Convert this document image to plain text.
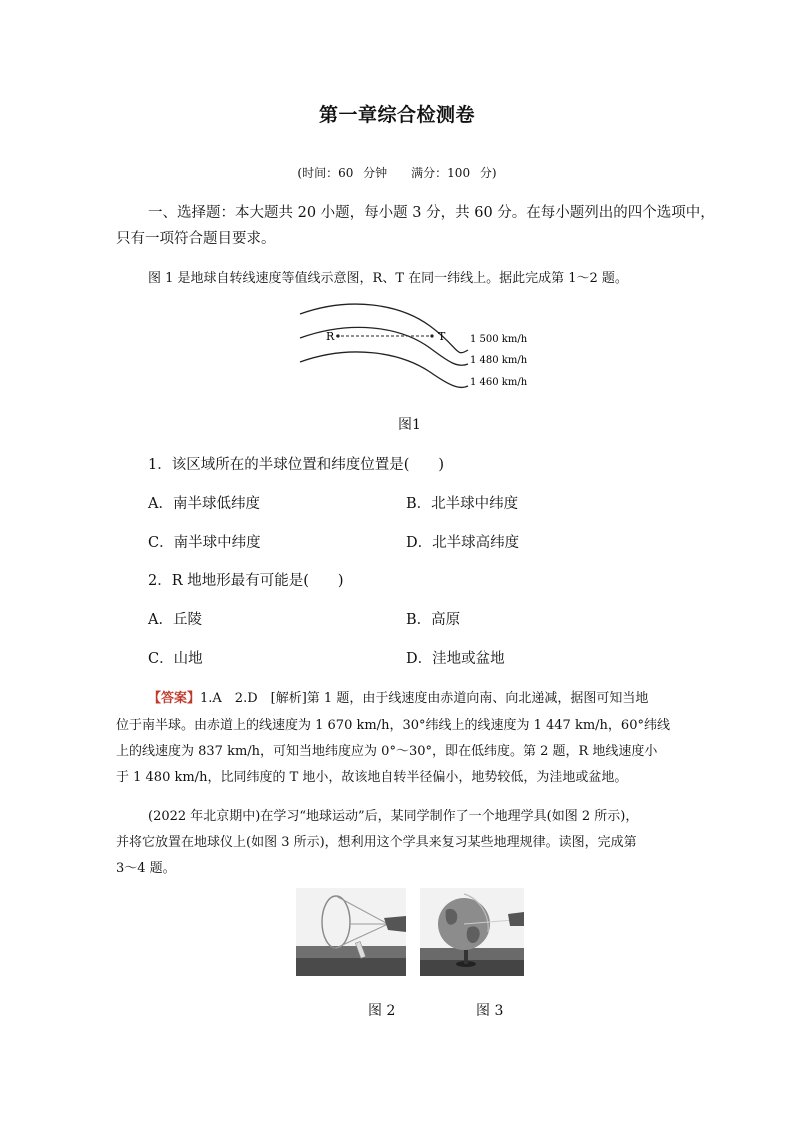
第一章综合检测卷
(时间：60 分钟　　满分：100 分)
一、选择题：本大题共 20 小题，每小题 3 分，共 60 分。在每小题列出的四个选项中，
只有一项符合题目要求。
图 1 是地球自转线速度等值线示意图，R、T 在同一纬线上。据此完成第 1～2 题。
R	T 1 500 km/h
1 480 km/h
1 460 km/h
图1
1．该区域所在的半球位置和纬度位置是(　　)
A．南半球低纬度	B．北半球中纬度
C．南半球中纬度	D．北半球高纬度
2．R 地地形最有可能是(　　)
A．丘陵	B．高原
C．山地	D．洼地或盆地
【答案】1.A　2.D　[解析]第 1 题，由于线速度由赤道向南、向北递减，据图可知当地
位于南半球。由赤道上的线速度为 1 670 km/h，30°纬线上的线速度为 1 447 km/h，60°纬线
上的线速度为 837 km/h，可知当地纬度应为 0°～30°，即在低纬度。第 2 题，R 地线速度小
于 1 480 km/h，比同纬度的 T 地小，故该地自转半径偏小，地势较低，为洼地或盆地。
(2022 年北京期中)在学习“地球运动”后，某同学制作了一个地理学具(如图 2 所示)，
并将它放置在地球仪上(如图 3 所示)，想利用这个学具来复习某些地理规律。读图，完成第
3～4 题。
图 2	图 3
